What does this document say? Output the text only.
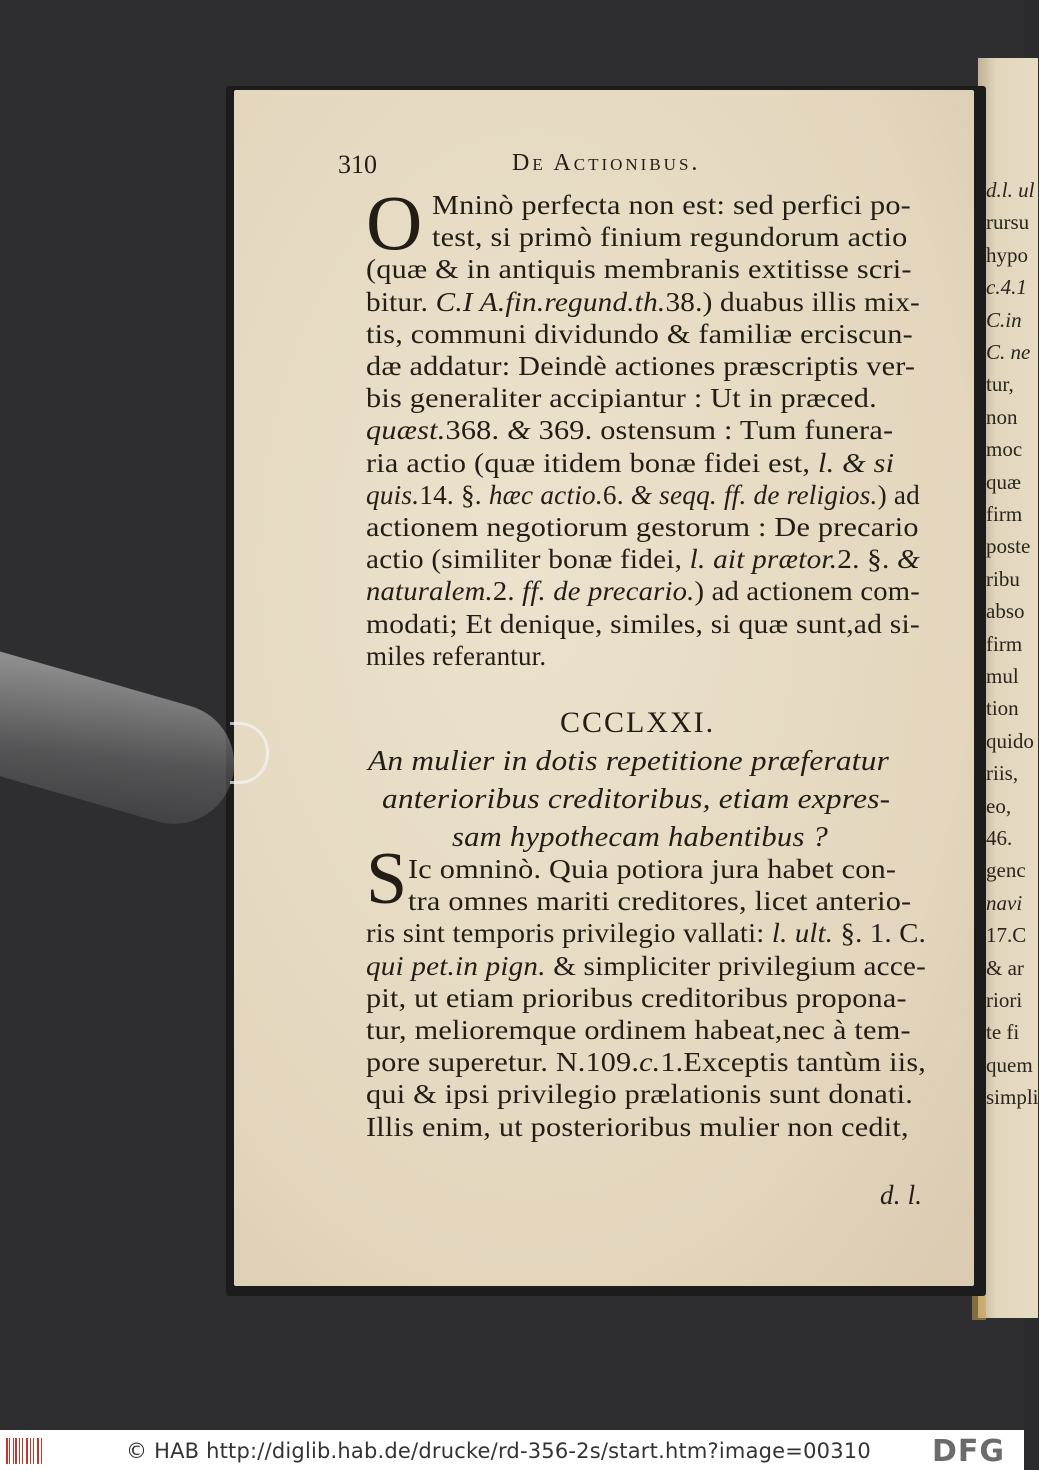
d.l. ul
rursu
hypo
c.4.1
C.in
C. ne
tur,
non
moc
quæ
firm
poste
ribu
abso
firm
mul
tion
quido
riis,
eo,
46.
genc
navi
17.C
& ar
riori
te fi
quem
simpli
310	De Actionibus.
O Mninò perfecta non est: sed perfici po-
test, si primò finium regundorum actio
(quæ & in antiquis membranis extitisse scri-
bitur. C.I A.fin.regund.th.38.) duabus illis mix-
tis, communi dividundo & familiæ erciscun-
dæ addatur: Deindè actiones præscriptis ver-
bis generaliter accipiantur : Ut in præced.
quæst.368. & 369. ostensum : Tum funera-
ria actio (quæ itidem bonæ fidei est, l. & si
quis.14. §. hæc actio.6. & seqq. ff. de religios.) ad
actionem negotiorum gestorum : De precario
actio (similiter bonæ fidei, l. ait prætor.2. §. &
naturalem.2. ff. de precario.) ad actionem com-
modati; Et denique, similes, si quæ sunt,ad si-
miles referantur.
CCCLXXI.
An mulier in dotis repetitione præferatur
anterioribus creditoribus, etiam expres-
sam hypothecam habentibus ?
S Ic omninò. Quia potiora jura habet con-
tra omnes mariti creditores, licet anterio-
ris sint temporis privilegio vallati: l. ult. §. 1. C.
qui pet.in pign. & simpliciter privilegium acce-
pit, ut etiam prioribus creditoribus propona-
tur, melioremque ordinem habeat,nec à tem-
pore superetur. N.109.c.1.Exceptis tantùm iis,
qui & ipsi privilegio prælationis sunt donati.
Illis enim, ut posterioribus mulier non cedit,
d. l.
© HAB http://diglib.hab.de/drucke/rd-356-2s/start.htm?image=00310 DFG
